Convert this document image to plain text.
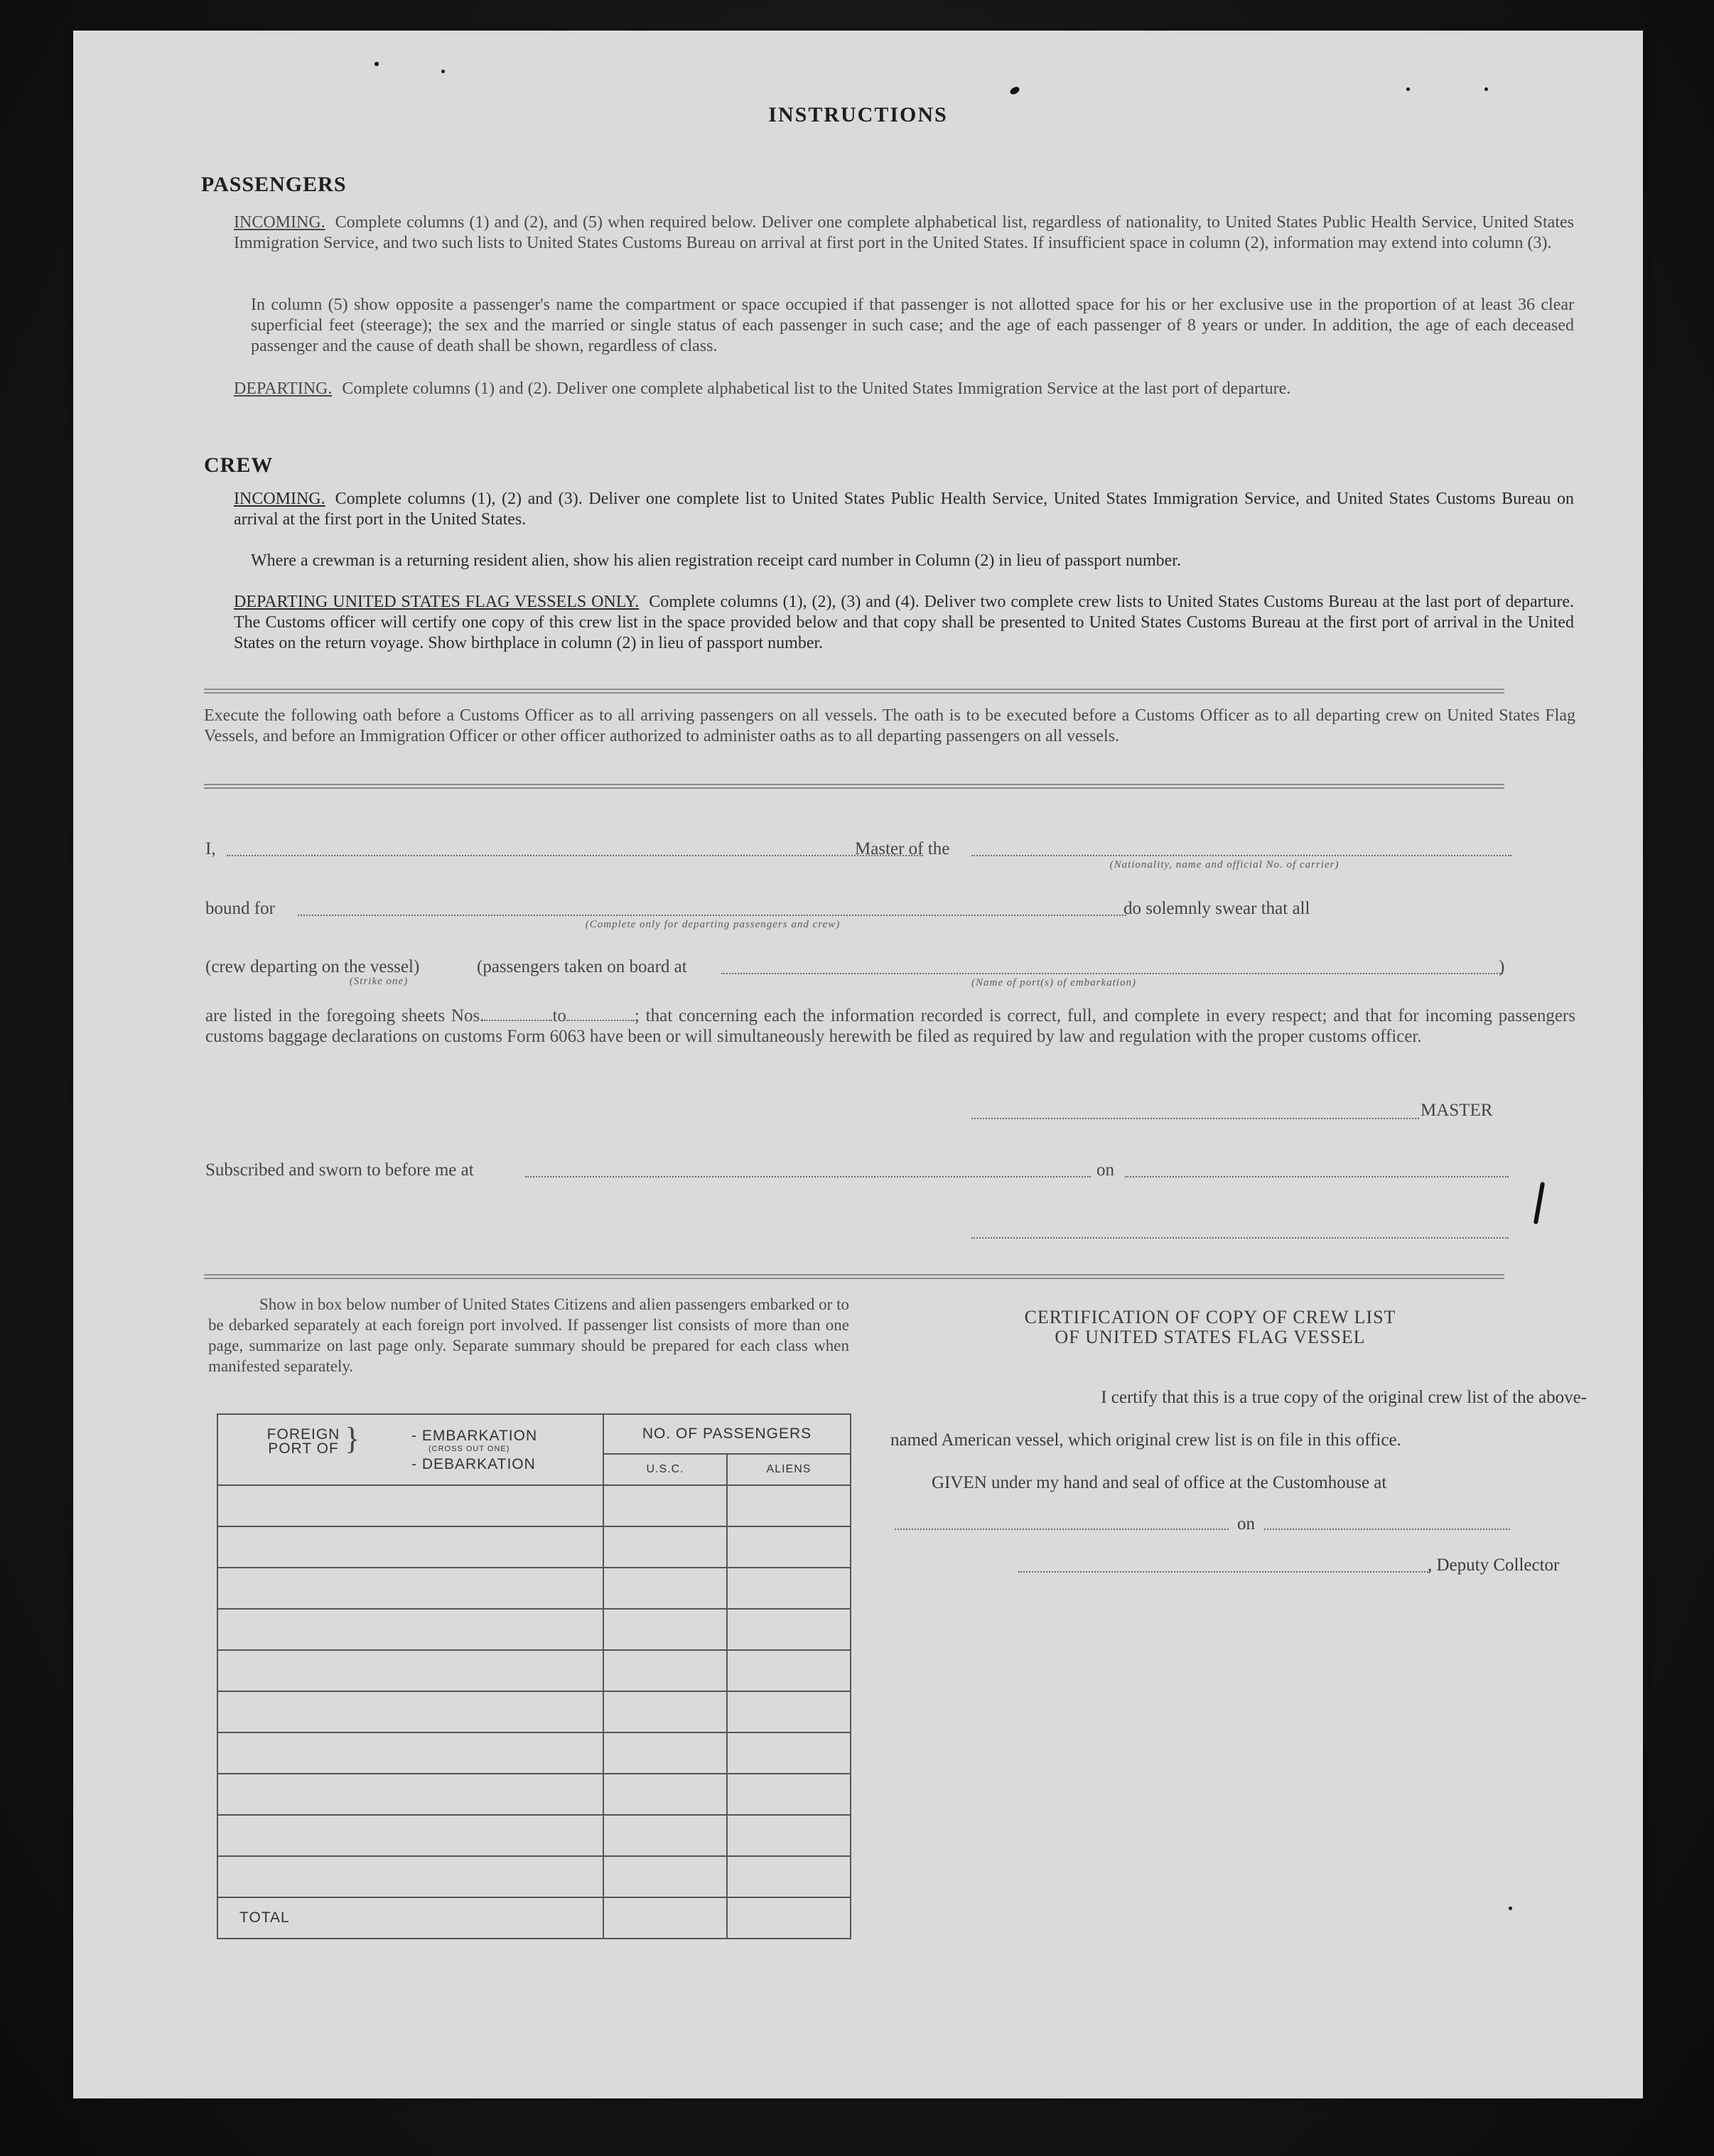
INSTRUCTIONS
PASSENGERS
INCOMING. Complete columns (1) and (2), and (5) when required below. Deliver one complete alphabetical list, regardless of nationality, to United States Public Health Service, United States Immigration Service, and two such lists to United States Customs Bureau on arrival at first port in the United States. If insufficient space in column (2), information may extend into column (3).
In column (5) show opposite a passenger's name the compartment or space occupied if that passenger is not allotted space for his or her exclusive use in the proportion of at least 36 clear superficial feet (steerage); the sex and the married or single status of each passenger in such case; and the age of each passenger of 8 years or under. In addition, the age of each deceased passenger and the cause of death shall be shown, regardless of class.
DEPARTING. Complete columns (1) and (2). Deliver one complete alphabetical list to the United States Immigration Service at the last port of departure.
CREW
INCOMING. Complete columns (1), (2) and (3). Deliver one complete list to United States Public Health Service, United States Immigration Service, and United States Customs Bureau on arrival at the first port in the United States.
Where a crewman is a returning resident alien, show his alien registration receipt card number in Column (2) in lieu of passport number.
DEPARTING UNITED STATES FLAG VESSELS ONLY. Complete columns (1), (2), (3) and (4). Deliver two complete crew lists to United States Customs Bureau at the last port of departure. The Customs officer will certify one copy of this crew list in the space provided below and that copy shall be presented to United States Customs Bureau at the first port of arrival in the United States on the return voyage. Show birthplace in column (2) in lieu of passport number.
Execute the following oath before a Customs Officer as to all arriving passengers on all vessels. The oath is to be executed before a Customs Officer as to all departing crew on United States Flag Vessels, and before an Immigration Officer or other officer authorized to administer oaths as to all departing passengers on all vessels.
I,	Master of the
(Nationality, name and official No. of carrier)
bound for
(Complete only for departing passengers and crew)
do solemnly swear that all
(crew departing on the vessel)	(passengers taken on board at	)
(Strike one)	(Name of port(s) of embarkation)
are listed in the foregoing sheets Nos.	to	; that concerning each the information recorded is correct, full, and complete in every respect; and that for incoming passengers customs baggage declarations on customs Form 6063 have been or will simultaneously herewith be filed as required by law and regulation with the proper customs officer.
MASTER
Subscribed and sworn to before me at	on
Show in box below number of United States Citizens and alien passengers embarked or to be debarked separately at each foreign port involved. If passenger list consists of more than one page, summarize on last page only. Separate summary should be prepared for each class when manifested separately.
FOREIGN PORT OF } - EMBARKATION
(CROSS OUT ONE)
- DEBARKATION	NO. OF PASSENGERS	
	U.S.C.	ALIENS

TOTAL		
CERTIFICATION OF COPY OF CREW LIST
OF UNITED STATES FLAG VESSEL
I certify that this is a true copy of the original crew list of the above-
named American vessel, which original crew list is on file in this office.
GIVEN under my hand and seal of office at the Customhouse at
on
, Deputy Collector
